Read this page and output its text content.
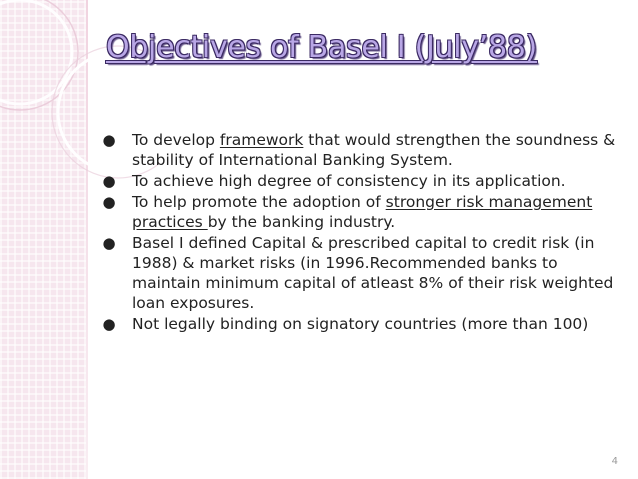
Objectives of Basel I (July’88)
● To develop framework that would strengthen the soundness & stability of International Banking System.
● To achieve high degree of consistency in its application.
● To help promote the adoption of stronger risk management practices by the banking industry.
● Basel I defined Capital & prescribed capital to credit risk (in 1988) & market risks (in 1996.Recommended banks to maintain minimum capital of atleast 8% of their risk weighted loan exposures.
● Not legally binding on signatory countries (more than 100)
4
